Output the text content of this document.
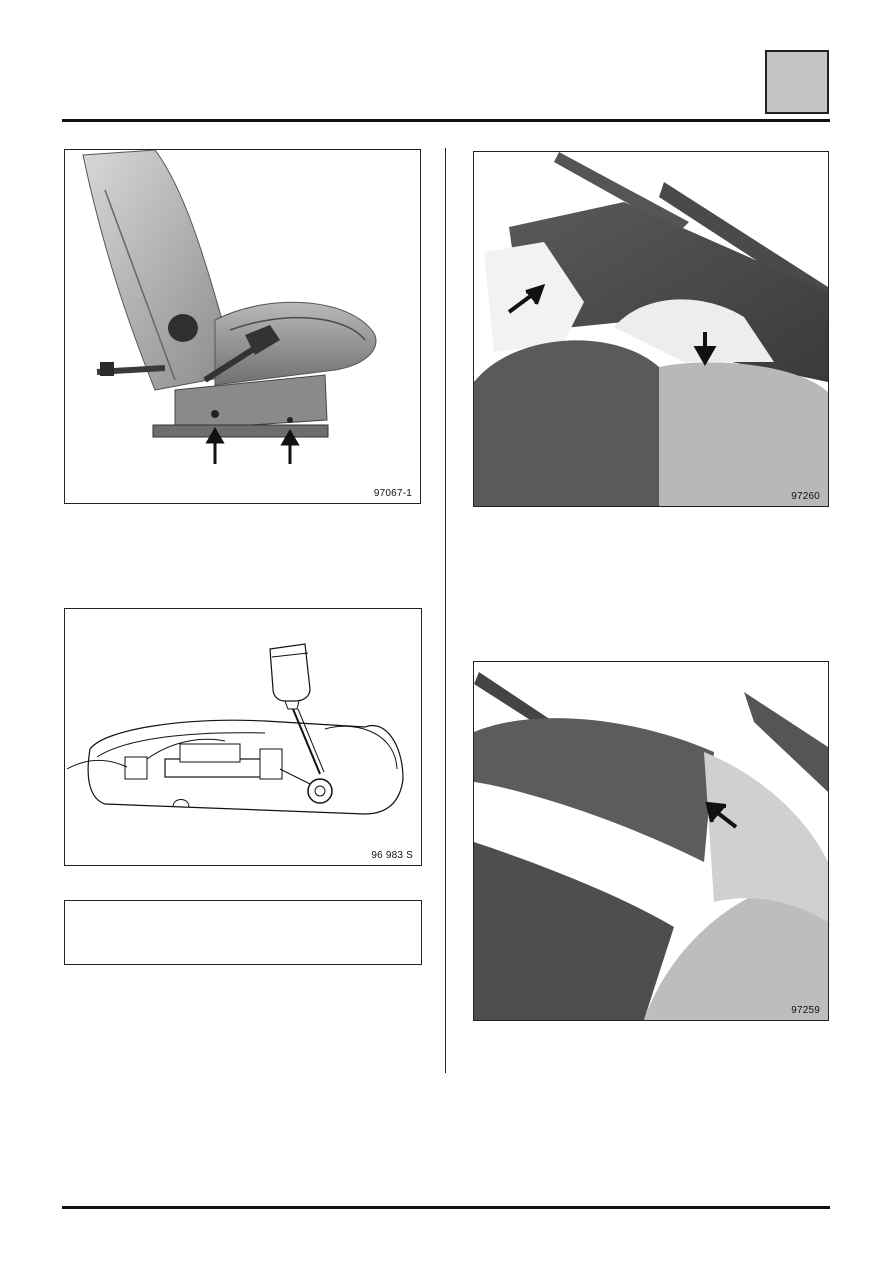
97067-1
96 983 S
97260
97259
